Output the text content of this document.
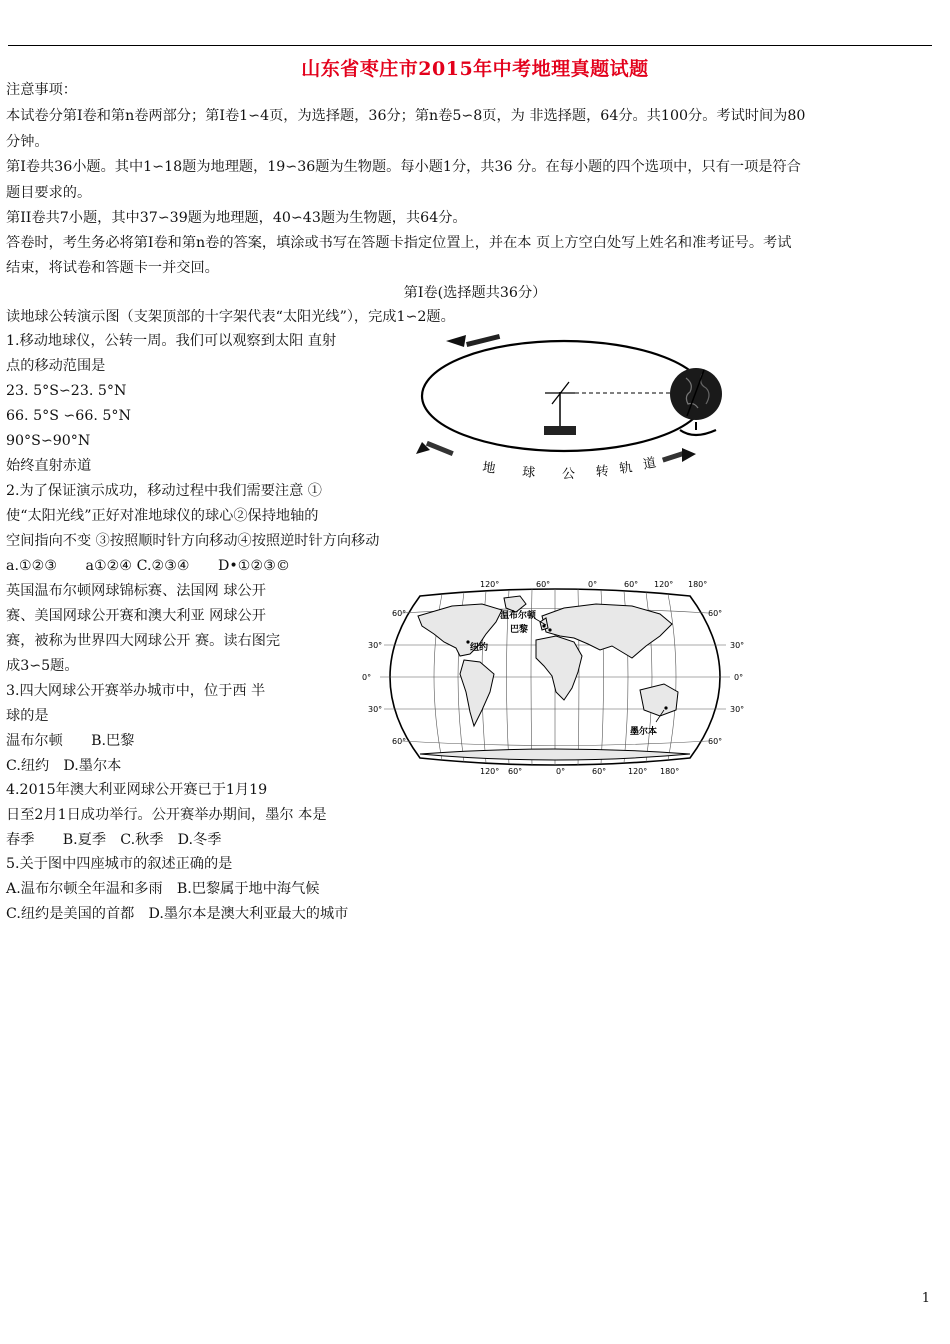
山东省枣庄市2015年中考地理真题试题
注意事项：
本试卷分第Ⅰ卷和第n卷两部分；第Ⅰ卷1∽4页，为选择题，36分；第n卷5∽8页，为 非选择题，64分。共100分。考试时间为80
分钟。
第Ⅰ卷共36小题。其中1∽18题为地理题，19∽36题为生物题。每小题1分，共36 分。在每小题的四个选项中，只有一项是符合
题目要求的。
第II卷共7小题，其中37∽39题为地理题，40∽43题为生物题，共64分。
答卷时，考生务必将第Ⅰ卷和第n卷的答案，填涂或书写在答题卡指定位置上，并在本 页上方空白处写上姓名和准考证号。考试
结束，将试卷和答题卡一并交回。
第Ⅰ卷(选择题共36分）
读地球公转演示图（支架顶部的十字架代表“太阳光线”），完成1∽2题。
1.移动地球仪，公转一周。我们可以观察到太阳 直射
点的移动范围是
23. 5°S∽23. 5°N
66. 5°S ∽66. 5°N
90°S∽90°N
始终直射赤道
2.为了保证演示成功，移动过程中我们需要注意 ①
使“太阳光线”正好对准地球仪的球心②保持地轴的
空间指向不变 ③按照顺时针方向移动④按照逆时针方向移动
a.①②③　　a①②④ C.②③④　　D•①②③©
英国温布尔顿网球锦标赛、法国网 球公开
赛、美国网球公开赛和澳大利亚 网球公开
赛，被称为世界四大网球公开 赛。读右图完
成3∽5题。
3.四大网球公开赛举办城市中，位于西 半
球的是
温布尔顿　　B.巴黎
C.纽约　D.墨尔本
4.2015年澳大利亚网球公开赛已于1月19
日至2月1日成功举行。公开赛举办期间，墨尔 本是
春季　　B.夏季　C.秋季　D.冬季
5.关于图中四座城市的叙述正确的是
A.温布尔顿全年温和多雨　B.巴黎属于地中海气候
C.纽约是美国的首都　D.墨尔本是澳大利亚最大的城市
地 球 公 转 轨 道
120°	60°	0°	60° 120° 180°
120° 60°	0°	60°	120° 180°
60°
30°
0°
30°
60°
60°
30°
0°
30°
60°
温布尔顿
巴黎
纽约
墨尔本
1
